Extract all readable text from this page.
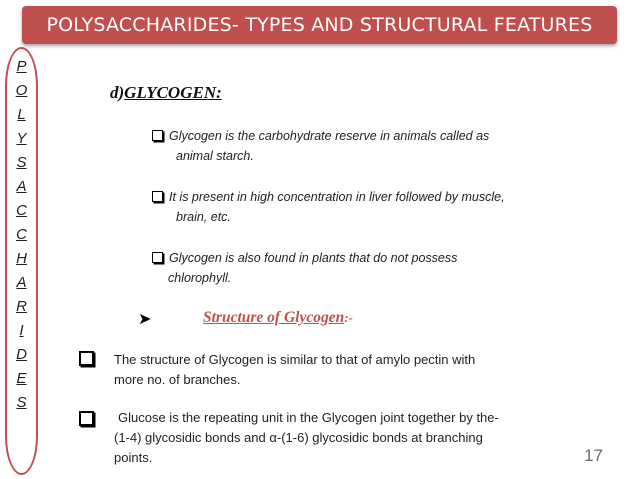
POLYSACCHARIDES- TYPES AND STRUCTURAL FEATURES
P
O
L
Y
S
A
C
C
H
A
R
I
D
E
S
d)GLYCOGEN:
Glycogen is the carbohydrate reserve in animals called as
animal starch.
It is present in high concentration in liver followed by muscle,
brain, etc.
Glycogen is also found in plants that do not possess
chlorophyll.
➤	Structure of Glycogen:-
The structure of Glycogen is similar to that of amylo pectin with
more no. of branches.
Glucose is the repeating unit in the Glycogen joint together by the-
(1-4) glycosidic bonds and α-(1-6) glycosidic bonds at branching
points.	17
